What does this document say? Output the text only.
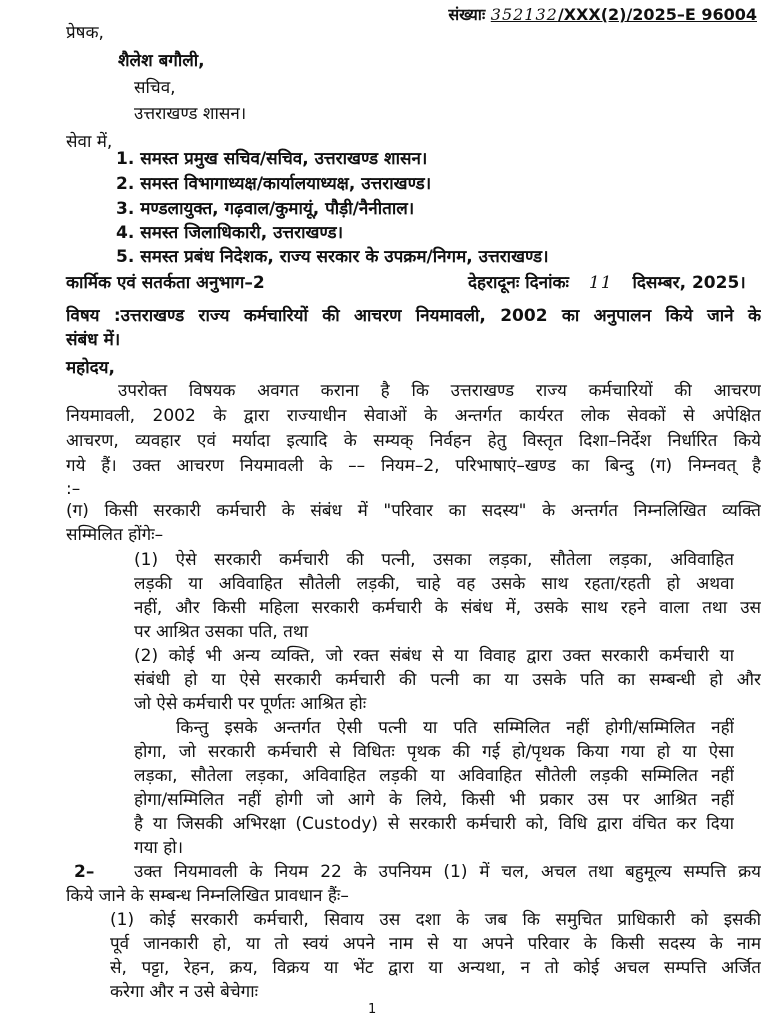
संख्याः 352132/XXX(2)/2025–E 96004
प्रेषक,
शैलेश बगौली,
सचिव,
उत्तराखण्ड शासन।
सेवा में,
1. समस्त प्रमुख सचिव/सचिव, उत्तराखण्ड शासन।
2. समस्त विभागाध्यक्ष/कार्यालयाध्यक्ष, उत्तराखण्ड।
3. मण्डलायुक्त, गढ़वाल/कुमायूं, पौड़ी/नैनीताल।
4. समस्त जिलाधिकारी, उत्तराखण्ड।
5. समस्त प्रबंध निदेशक, राज्य सरकार के उपक्रम/निगम, उत्तराखण्ड।
कार्मिक एवं सतर्कता अनुभाग–2	देहरादूनः दिनांकः 11 दिसम्बर, 2025।
विषय :उत्तराखण्ड राज्य कर्मचारियों की आचरण नियमावली, 2002 का अनुपालन किये जाने के
संबंध में।
महोदय,
उपरोक्त विषयक अवगत कराना है कि उत्तराखण्ड राज्य कर्मचारियों की आचरण
नियमावली, 2002 के द्वारा राज्याधीन सेवाओं के अन्तर्गत कार्यरत लोक सेवकों से अपेक्षित
आचरण, व्यवहार एवं मर्यादा इत्यादि के सम्यक् निर्वहन हेतु विस्तृत दिशा–निर्देश निर्धारित किये
गये हैं। उक्त आचरण नियमावली के –– नियम–2, परिभाषाएं–खण्ड का बिन्दु (ग) निम्नवत् है
:–
(ग) किसी सरकारी कर्मचारी के संबंध में "परिवार का सदस्य" के अन्तर्गत निम्नलिखित व्यक्ति
सम्मिलित होंगेः–
(1) ऐसे सरकारी कर्मचारी की पत्नी, उसका लड़का, सौतेला लड़का, अविवाहित
लड़की या अविवाहित सौतेली लड़की, चाहे वह उसके साथ रहता/रहती हो अथवा
नहीं, और किसी महिला सरकारी कर्मचारी के संबंध में, उसके साथ रहने वाला तथा उस
पर आश्रित उसका पति, तथा
(2) कोई भी अन्य व्यक्ति, जो रक्त संबंध से या विवाह द्वारा उक्त सरकारी कर्मचारी या
संबंधी हो या ऐसे सरकारी कर्मचारी की पत्नी का या उसके पति का सम्बन्धी हो और
जो ऐसे कर्मचारी पर पूर्णतः आश्रित होः
किन्तु इसके अन्तर्गत ऐसी पत्नी या पति सम्मिलित नहीं होगी/सम्मिलित नहीं
होगा, जो सरकारी कर्मचारी से विधितः पृथक की गई हो/पृथक किया गया हो या ऐसा
लड़का, सौतेला लड़का, अविवाहित लड़की या अविवाहित सौतेली लड़की सम्मिलित नहीं
होगा/सम्मिलित नहीं होगी जो आगे के लिये, किसी भी प्रकार उस पर आश्रित नहीं
है या जिसकी अभिरक्षा (Custody) से सरकारी कर्मचारी को, विधि द्वारा वंचित कर दिया
गया हो।
2– उक्त नियमावली के नियम 22 के उपनियम (1) में चल, अचल तथा बहुमूल्य सम्पत्ति क्रय
किये जाने के सम्बन्ध निम्नलिखित प्रावधान हैंः–
(1) कोई सरकारी कर्मचारी, सिवाय उस दशा के जब कि समुचित प्राधिकारी को इसकी
पूर्व जानकारी हो, या तो स्वयं अपने नाम से या अपने परिवार के किसी सदस्य के नाम
से, पट्टा, रेहन, क्रय, विक्रय या भेंट द्वारा या अन्यथा, न तो कोई अचल सम्पत्ति अर्जित
करेगा और न उसे बेचेगाः
1
